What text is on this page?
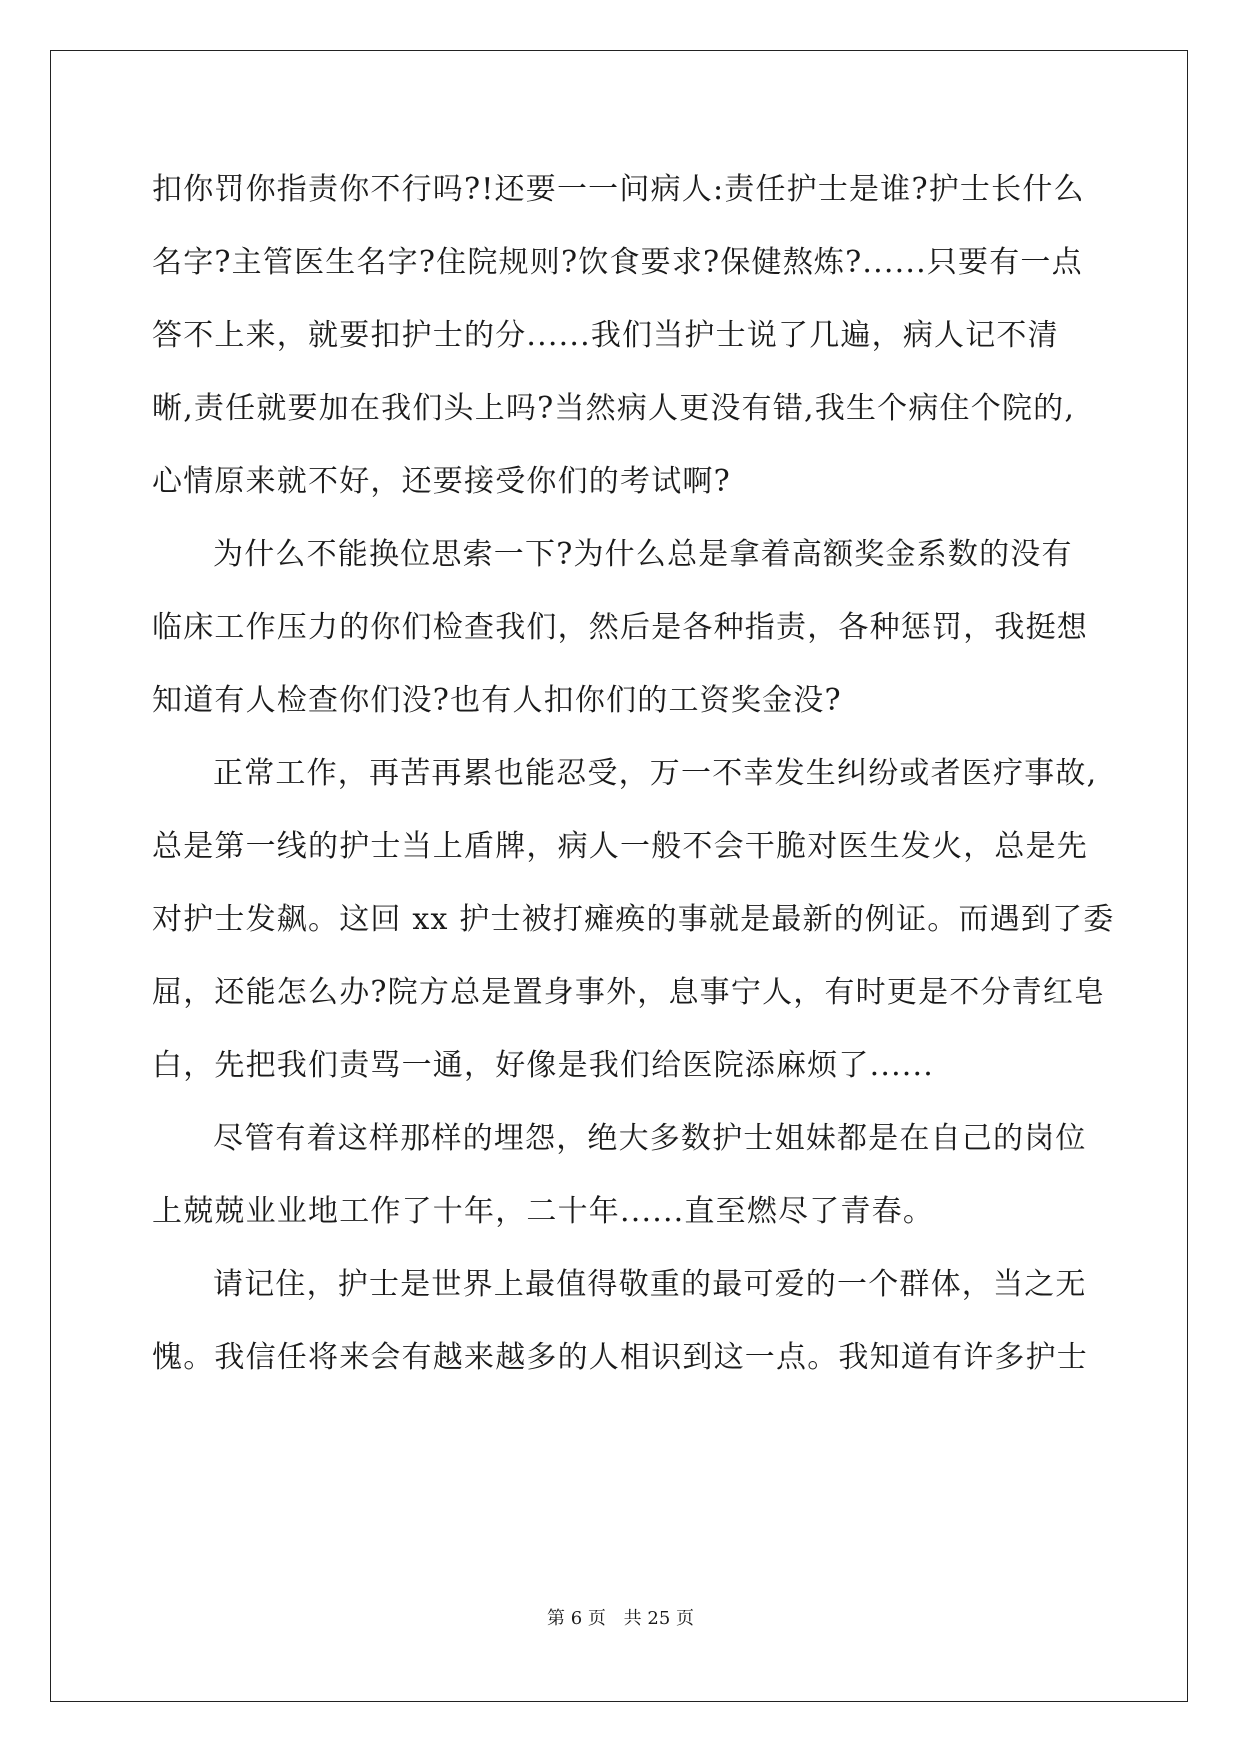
扣你罚你指责你不行吗?!还要一一问病人:责任护士是谁?护士长什么
名字?主管医生名字?住院规则?饮食要求?保健熬炼?......只要有一点
答不上来，就要扣护士的分......我们当护士说了几遍，病人记不清
晰,责任就要加在我们头上吗?当然病人更没有错,我生个病住个院的,
心情原来就不好，还要接受你们的考试啊?
为什么不能换位思索一下?为什么总是拿着高额奖金系数的没有
临床工作压力的你们检查我们，然后是各种指责，各种惩罚，我挺想
知道有人检查你们没?也有人扣你们的工资奖金没?
正常工作，再苦再累也能忍受，万一不幸发生纠纷或者医疗事故,
总是第一线的护士当上盾牌，病人一般不会干脆对医生发火，总是先
对护士发飙。这回 xx 护士被打瘫痪的事就是最新的例证。而遇到了委
屈，还能怎么办?院方总是置身事外，息事宁人，有时更是不分青红皂
白，先把我们责骂一通，好像是我们给医院添麻烦了......
尽管有着这样那样的埋怨，绝大多数护士姐妹都是在自己的岗位
上兢兢业业地工作了十年，二十年......直至燃尽了青春。
请记住，护士是世界上最值得敬重的最可爱的一个群体，当之无
愧。我信任将来会有越来越多的人相识到这一点。我知道有许多护士
第 6 页 共 25 页
